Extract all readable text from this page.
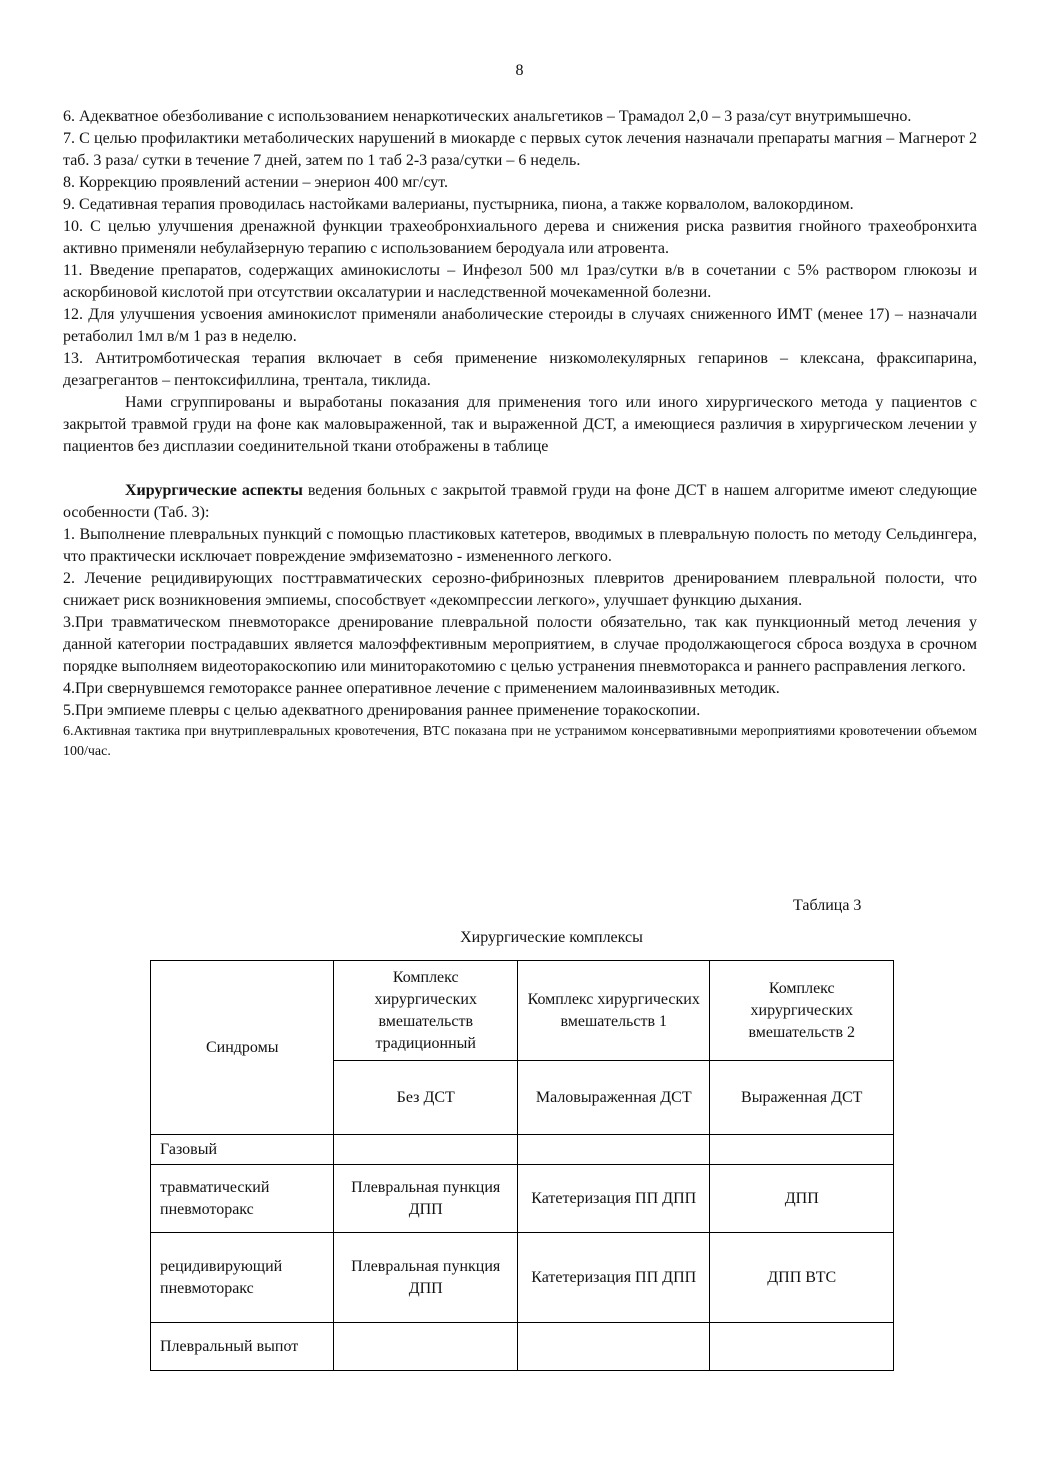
8

6. Адекватное обезболивание с использованием ненаркотических анальгетиков – Трамадол 2,0 – 3 раза/сут внутримышечно.

7. С целью профилактики метаболических нарушений в миокарде с первых суток лечения назначали препараты магния – Магнерот 2 таб. 3 раза/ сутки в течение 7 дней, затем по 1 таб 2-3 раза/сутки – 6 недель.

8. Коррекцию проявлений астении – энерион 400 мг/сут.

9. Седативная терапия проводилась настойками валерианы, пустырника, пиона, а также корвалолом, валокордином.

10. С целью улучшения дренажной функции трахеобронхиального дерева и снижения риска развития гнойного трахеобронхита активно применяли небулайзерную терапию с использованием беродуала или атровента.

11. Введение препаратов, содержащих аминокислоты – Инфезол 500 мл 1раз/сутки в/в в сочетании с 5% раствором глюкозы и аскорбиновой кислотой при отсутствии оксалатурии и наследственной мочекаменной болезни.

12. Для улучшения усвоения аминокислот применяли анаболические стероиды в случаях сниженного ИМТ (менее 17) – назначали ретаболил 1мл в/м 1 раз в неделю.

13. Антитромботическая терапия включает в себя применение низкомолекулярных гепаринов – клексана, фраксипарина, дезагрегантов – пентоксифиллина, трентала, тиклида.

Нами сгруппированы и выработаны показания для применения того или иного хирургического метода у пациентов с закрытой травмой груди на фоне как маловыраженной, так и выраженной ДСТ, а имеющиеся различия в хирургическом лечении у пациентов без дисплазии соединительной ткани отображены в таблице

Хирургические аспекты ведения больных с закрытой травмой груди на фоне ДСТ в нашем алгоритме имеют следующие особенности (Таб. 3):

1. Выполнение плевральных пункций с помощью пластиковых катетеров, вводимых в плевральную полость по методу Сельдингера, что практически исключает повреждение эмфизематозно - измененного легкого.

2. Лечение рецидивирующих посттравматических серозно-фибринозных плевритов дренированием плевральной полости, что снижает риск возникновения эмпиемы, способствует «декомпрессии легкого», улучшает функцию дыхания.

3.При травматическом пневмотораксе дренирование плевральной полости обязательно, так как пункционный метод лечения у данной категории пострадавших является малоэффективным мероприятием, в случае продолжающегося сброса воздуха в срочном порядке выполняем видеоторакоскопию или миниторакотомию с целью устранения пневмоторакса и раннего расправления легкого.

4.При свернувшемся гемотораксе раннее оперативное лечение с применением малоинвазивных методик.

5.При эмпиеме плевры с целью адекватного дренирования раннее применение торакоскопии.

6.Активная тактика при внутриплевральных кровотечения, ВТС показана при не устранимом консервативными мероприятиями кровотечении объемом 100/час.

Таблица 3
Хирургические комплексы
Синдромы	Комплекс хирургических вмешательств традиционный	Комплекс хирургических вмешательств 1	Комплекс хирургических вмешательств 2
	Без ДСТ	Маловыраженная ДСТ	Выраженная ДСТ
Газовый			
травматический пневмоторакс	Плевральная пункция ДПП	Катетеризация ПП ДПП	ДПП
рецидивирующий пневмоторакс	Плевральная пункция ДПП	Катетеризация ПП ДПП	ДПП ВТС
Плевральный выпот			
